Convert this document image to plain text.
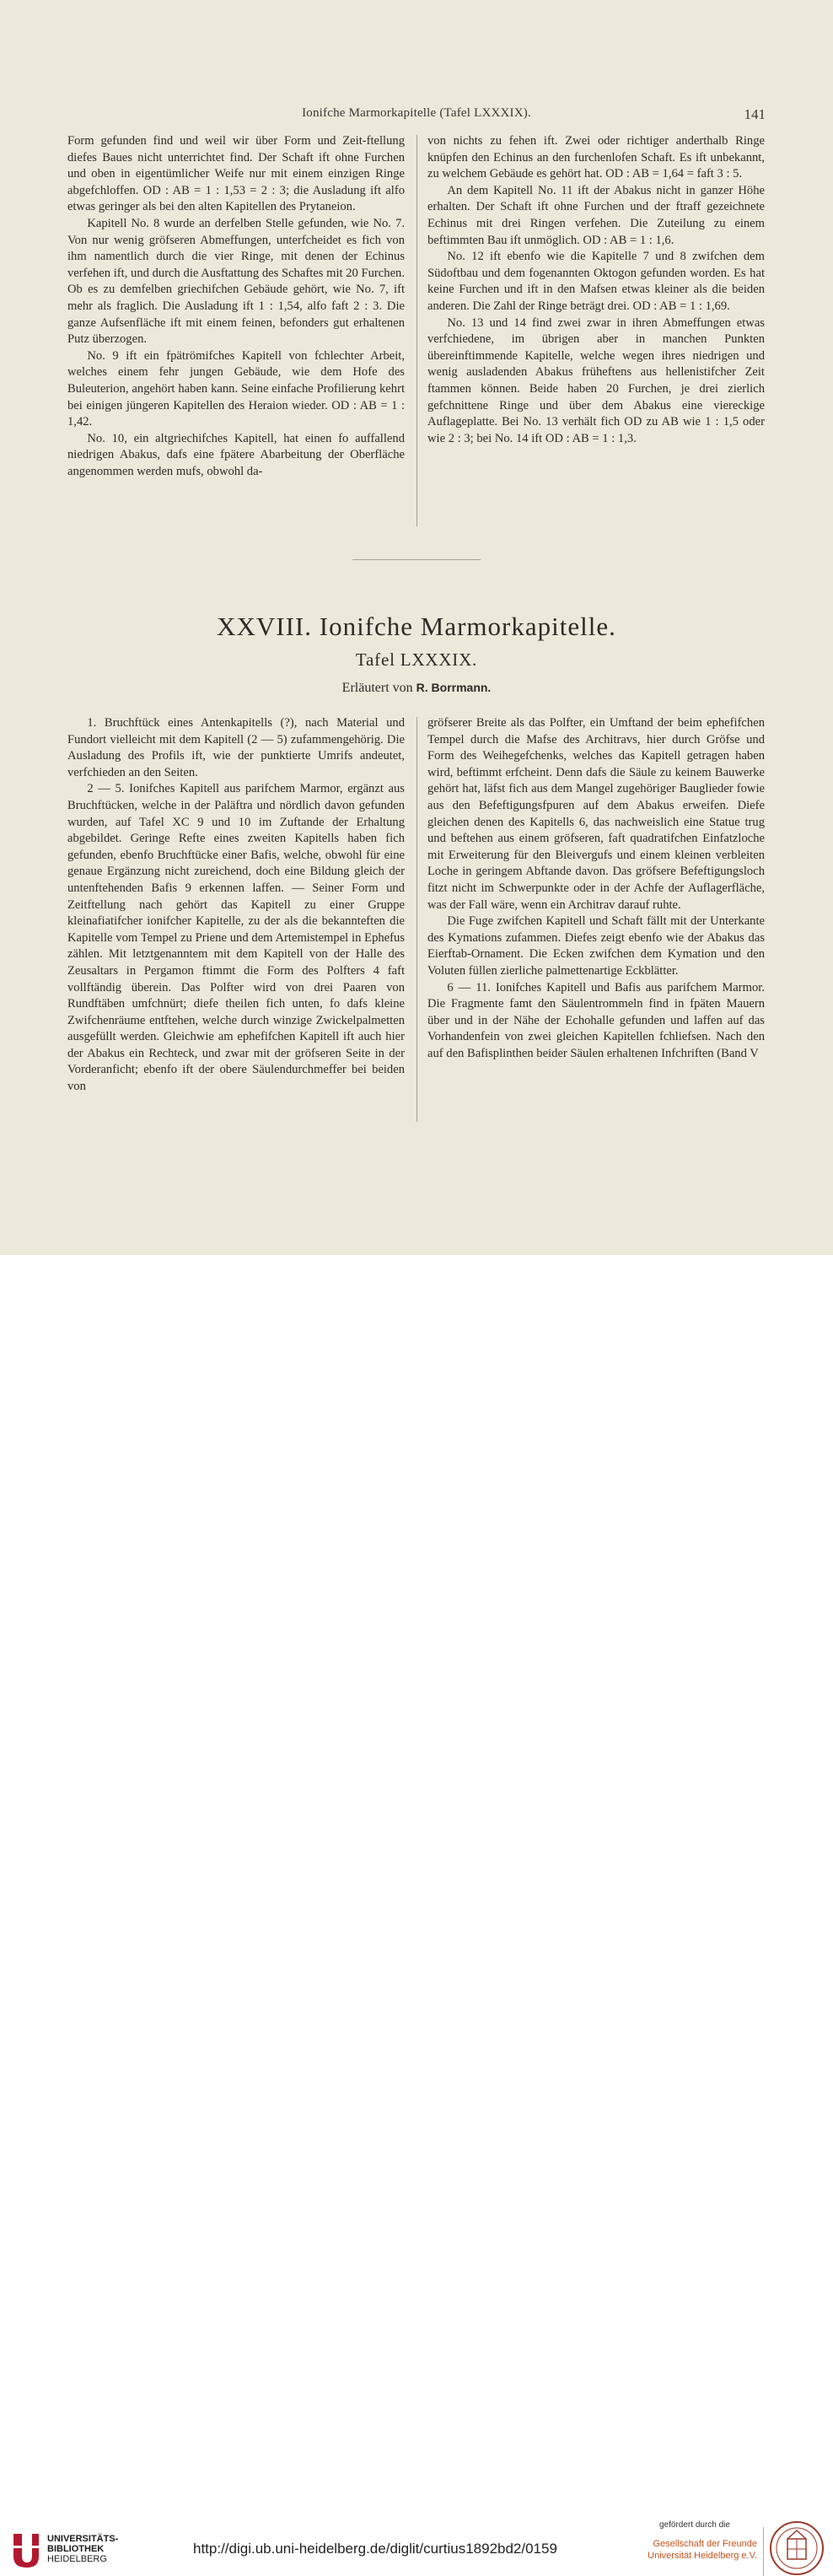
Ionifche Marmorkapitelle (Tafel LXXXIX).	141

Form gefunden find und weil wir über Form und Zeit-ftellung diefes Baues nicht unterrichtet find. Der Schaft ift ohne Furchen und oben in eigentümlicher Weife nur mit einem einzigen Ringe abgefchloffen. OD : AB = 1 : 1,53 = 2 : 3; die Ausladung ift alfo etwas geringer als bei den alten Kapitellen des Prytaneion.

Kapitell No. 8 wurde an derfelben Stelle gefunden, wie No. 7. Von nur wenig gröfseren Abmeffungen, unterfcheidet es fich von ihm namentlich durch die vier Ringe, mit denen der Echinus verfehen ift, und durch die Ausftattung des Schaftes mit 20 Furchen. Ob es zu demfelben griechifchen Gebäude gehört, wie No. 7, ift mehr als fraglich. Die Ausladung ift 1 : 1,54, alfo faft 2 : 3. Die ganze Aufsenfläche ift mit einem feinen, befonders gut erhaltenen Putz überzogen.

No. 9 ift ein fpätrömifches Kapitell von fchlechter Arbeit, welches einem fehr jungen Gebäude, wie dem Hofe des Buleuterion, angehört haben kann. Seine einfache Profilierung kehrt bei einigen jüngeren Kapitellen des Heraion wieder. OD : AB = 1 : 1,42.

No. 10, ein altgriechifches Kapitell, hat einen fo auffallend niedrigen Abakus, dafs eine fpätere Abarbeitung der Oberfläche angenommen werden mufs, obwohl da-

von nichts zu fehen ift. Zwei oder richtiger anderthalb Ringe knüpfen den Echinus an den furchenlofen Schaft. Es ift unbekannt, zu welchem Gebäude es gehört hat. OD : AB = 1,64 = faft 3 : 5.

An dem Kapitell No. 11 ift der Abakus nicht in ganzer Höhe erhalten. Der Schaft ift ohne Furchen und der ftraff gezeichnete Echinus mit drei Ringen verfehen. Die Zuteilung zu einem beftimmten Bau ift unmöglich. OD : AB = 1 : 1,6.

No. 12 ift ebenfo wie die Kapitelle 7 und 8 zwifchen dem Südoftbau und dem fogenannten Oktogon gefunden worden. Es hat keine Furchen und ift in den Mafsen etwas kleiner als die beiden anderen. Die Zahl der Ringe beträgt drei. OD : AB = 1 : 1,69.

No. 13 und 14 find zwei zwar in ihren Abmeffungen etwas verfchiedene, im übrigen aber in manchen Punkten übereinftimmende Kapitelle, welche wegen ihres niedrigen und wenig ausladenden Abakus früheftens aus hellenistifcher Zeit ftammen können. Beide haben 20 Furchen, je drei zierlich gefchnittene Ringe und über dem Abakus eine viereckige Auflageplatte. Bei No. 13 verhält fich OD zu AB wie 1 : 1,5 oder wie 2 : 3; bei No. 14 ift OD : AB = 1 : 1,3.

XXVIII. Ionifche Marmorkapitelle.
Tafel LXXXIX.
Erläutert von R. Borrmann.

1. Bruchftück eines Antenkapitells (?), nach Material und Fundort vielleicht mit dem Kapitell (2 — 5) zufammengehörig. Die Ausladung des Profils ift, wie der punktierte Umrifs andeutet, verfchieden an den Seiten.

2 — 5. Ionifches Kapitell aus parifchem Marmor, ergänzt aus Bruchftücken, welche in der Paläftra und nördlich davon gefunden wurden, auf Tafel XC 9 und 10 im Zuftande der Erhaltung abgebildet. Geringe Refte eines zweiten Kapitells haben fich gefunden, ebenfo Bruchftücke einer Bafis, welche, obwohl für eine genaue Ergänzung nicht zureichend, doch eine Bildung gleich der untenftehenden Bafis 9 erkennen laffen. — Seiner Form und Zeitftellung nach gehört das Kapitell zu einer Gruppe kleinafiatifcher ionifcher Kapitelle, zu der als die bekannteften die Kapitelle vom Tempel zu Priene und dem Artemistempel in Ephefus zählen. Mit letztgenanntem mit dem Kapitell von der Halle des Zeusaltars in Pergamon ftimmt die Form des Polfters 4 faft vollftändig überein. Das Polfter wird von drei Paaren von Rundftäben umfchnürt; diefe theilen fich unten, fo dafs kleine Zwifchenräume entftehen, welche durch winzige Zwickelpalmetten ausgefüllt werden. Gleichwie am ephefifchen Kapitell ift auch hier der Abakus ein Rechteck, und zwar mit der gröfseren Seite in der Vorderanficht; ebenfo ift der obere Säulendurchmeffer bei beiden von

gröfserer Breite als das Polfter, ein Umftand der beim ephefifchen Tempel durch die Mafse des Architravs, hier durch Gröfse und Form des Weihegefchenks, welches das Kapitell getragen haben wird, beftimmt erfcheint. Denn dafs die Säule zu keinem Bauwerke gehört hat, läfst fich aus dem Mangel zugehöriger Bauglieder fowie aus den Befeftigungsfpuren auf dem Abakus erweifen. Diefe gleichen denen des Kapitells 6, das nachweislich eine Statue trug und beftehen aus einem gröfseren, faft quadratifchen Einfatzloche mit Erweiterung für den Bleivergufs und einem kleinen verbleiten Loche in geringem Abftande davon. Das gröfsere Befeftigungsloch fitzt nicht im Schwerpunkte oder in der Achfe der Auflagerfläche, was der Fall wäre, wenn ein Architrav darauf ruhte.

Die Fuge zwifchen Kapitell und Schaft fällt mit der Unterkante des Kymations zufammen. Diefes zeigt ebenfo wie der Abakus das Eierftab-Ornament. Die Ecken zwifchen dem Kymation und den Voluten füllen zierliche palmettenartige Eckblätter.

6 — 11. Ionifches Kapitell und Bafis aus parifchem Marmor. Die Fragmente famt den Säulentrommeln find in fpäten Mauern über und in der Nähe der Echohalle gefunden und laffen auf das Vorhandenfein von zwei gleichen Kapitellen fchliefsen. Nach den auf den Bafisplinthen beider Säulen erhaltenen Infchriften (Band V

UNIVERSITÄTS-
BIBLIOTHEK
HEIDELBERG
http://digi.ub.uni-heidelberg.de/diglit/curtius1892bd2/0159
gefördert durch die
Gesellschaft der Freunde
Universität Heidelberg e.V.
